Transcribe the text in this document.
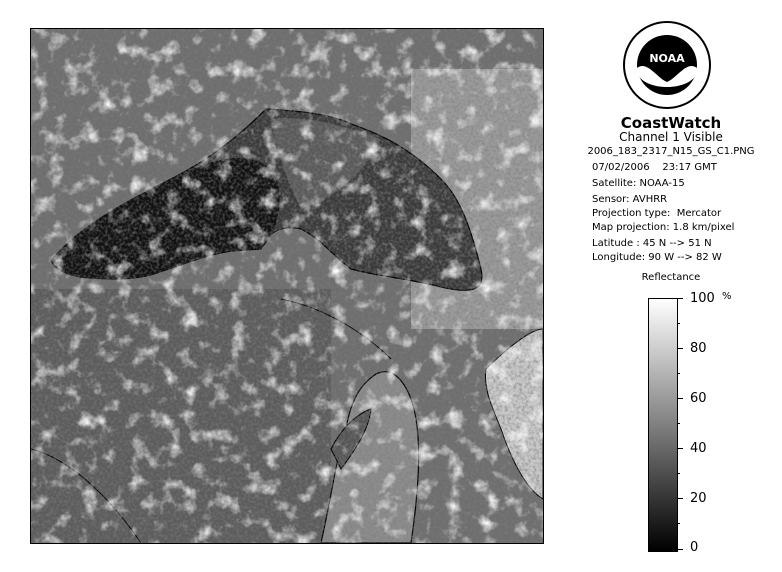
NOAA
CoastWatch
Channel 1 Visible
2006_183_2317_N15_GS_C1.PNG
07/02/2006    23:17 GMT
Satellite: NOAA-15
Sensor: AVHRR
Projection type:  Mercator
Map projection: 1.8 km/pixel
Latitude : 45 N --> 51 N
Longitude: 90 W --> 82 W
Reflectance
%
100
80
60
40
20
0
